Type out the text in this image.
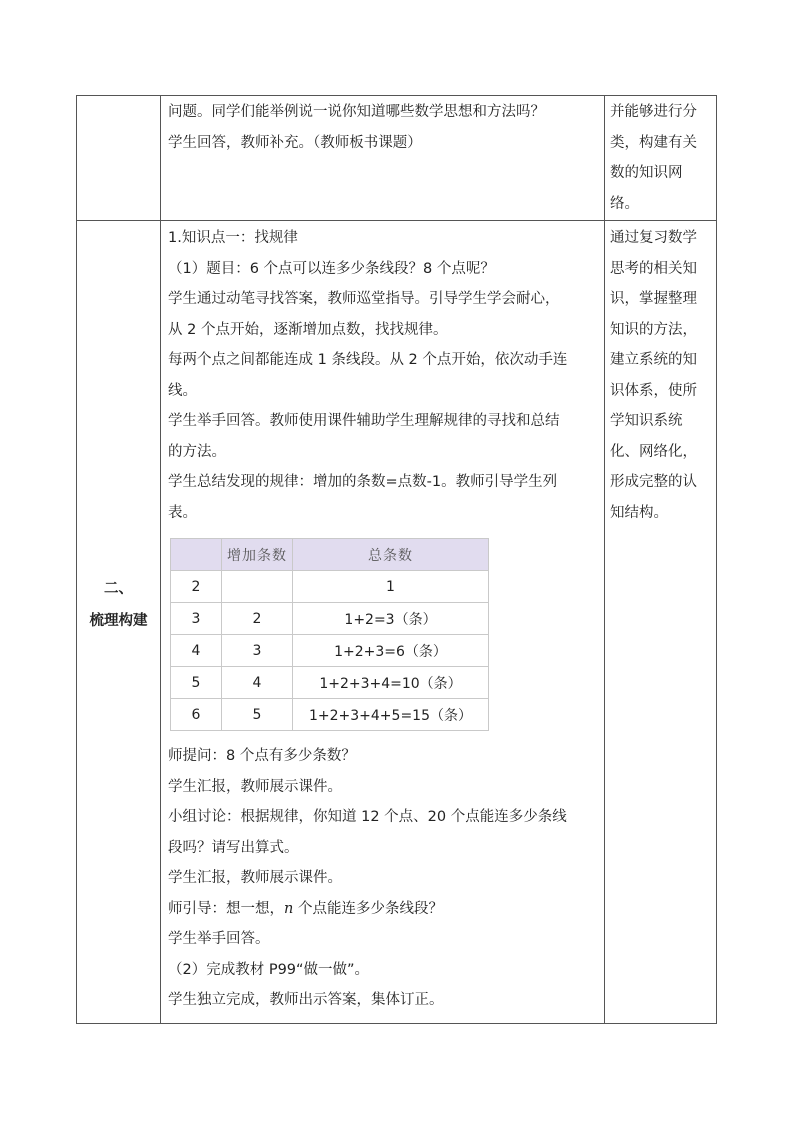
问题。同学们能举例说一说你知道哪些数学思想和方法吗？
学生回答，教师补充。（教师板书课题）
并能够进行分
类，构建有关
数的知识网
络。
二、
梳理构建
1.知识点一：找规律
（1）题目：6 个点可以连多少条线段？8 个点呢？
学生通过动笔寻找答案，教师巡堂指导。引导学生学会耐心，
从 2 个点开始，逐渐增加点数，找找规律。
每两个点之间都能连成 1 条线段。从 2 个点开始，依次动手连
线。
学生举手回答。教师使用课件辅助学生理解规律的寻找和总结
的方法。
学生总结发现的规律：增加的条数=点数-1。教师引导学生列
表。
	增加条数	总条数
2		1
3	2	1+2=3（条）
4	3	1+2+3=6（条）
5	4	1+2+3+4=10（条）
6	5	1+2+3+4+5=15（条）
师提问：8 个点有多少条数？
学生汇报，教师展示课件。
小组讨论：根据规律，你知道 12 个点、20 个点能连多少条线
段吗？请写出算式。
学生汇报，教师展示课件。
师引导：想一想，n 个点能连多少条线段？
学生举手回答。
（2）完成教材 P99“做一做”。
学生独立完成，教师出示答案，集体订正。
通过复习数学
思考的相关知
识，掌握整理
知识的方法，
建立系统的知
识体系，使所
学知识系统
化、网络化，
形成完整的认
知结构。
